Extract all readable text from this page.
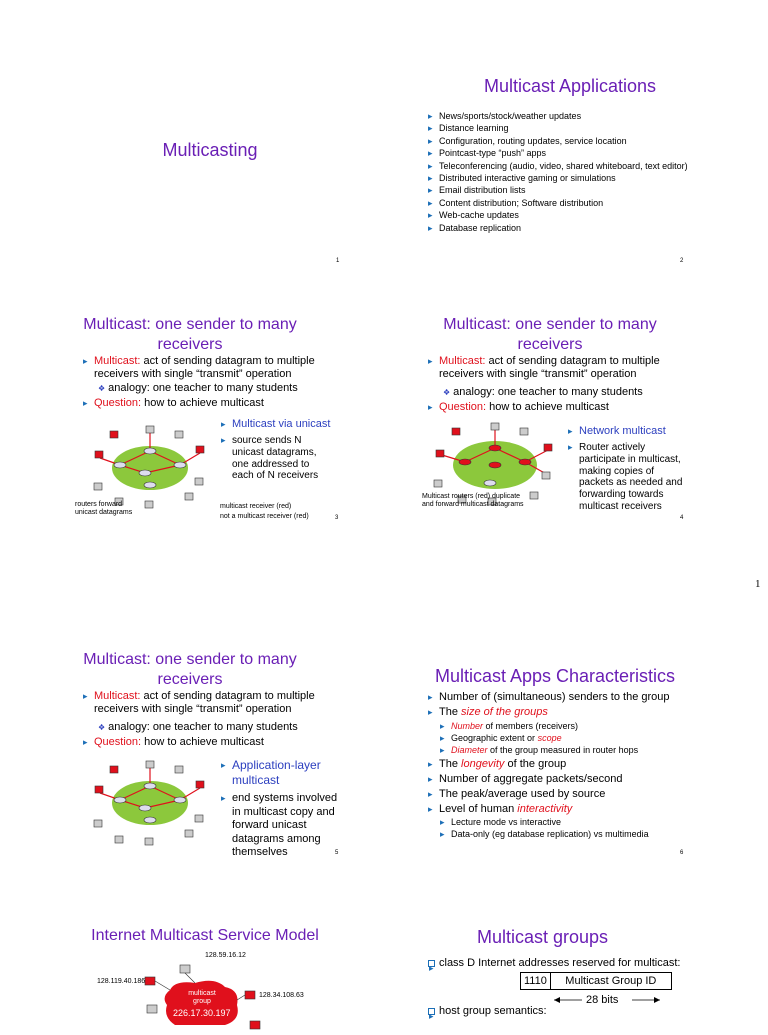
1
Multicasting
1
Multicast Applications
▸ News/sports/stock/weather updates
▸ Distance learning
▸ Configuration, routing updates, service location
▸ Pointcast-type “push” apps
▸ Teleconferencing (audio, video, shared whiteboard, text editor)
▸ Distributed interactive gaming or simulations
▸ Email distribution lists
▸ Content distribution; Software distribution
▸ Web-cache updates
▸ Database replication
2
Multicast: one sender to many
receivers
▸ Multicast: act of sending datagram to multiple receivers with single “transmit” operation
❖ analogy: one teacher to many students
▸ Question: how to achieve multicast
▸ Multicast via unicast
▸ source sends N unicast datagrams, one addressed to each of N receivers
routers forward unicast datagrams
multicast receiver (red)
not a multicast receiver (red)	3
Multicast: one sender to many
receivers
▸ Multicast: act of sending datagram to multiple receivers with single “transmit” operation
❖ analogy: one teacher to many students
▸ Question: how to achieve multicast
▸ Network multicast
▸ Router actively participate in multicast, making copies of packets as needed and forwarding towards multicast receivers
Multicast routers (red) duplicate and forward multicast datagrams
4
Multicast: one sender to many
receivers
▸ Multicast: act of sending datagram to multiple receivers with single “transmit” operation
❖ analogy: one teacher to many students
▸ Question: how to achieve multicast
▸ Application-layer multicast
▸ end systems involved in multicast copy and forward unicast datagrams among themselves	5
Multicast Apps Characteristics
▸ Number of (simultaneous) senders to the group
▸ The size of the groups
▸ Number of members (receivers)
▸ Geographic extent or scope
▸ Diameter of the group measured in router hops
▸ The longevity of the group
▸ Number of aggregate packets/second
▸ The peak/average used by source
▸ Level of human interactivity
▸ Lecture mode vs interactive
▸ Data-only (eg database replication) vs multimedia
6
Internet Multicast Service Model
128.59.16.12
128.119.40.186
128.34.108.63
multicast
group
226.17.30.197
Multicast groups
▸ class D Internet addresses reserved for multicast:
1110	Multicast Group ID
28 bits
▸ host group semantics:
